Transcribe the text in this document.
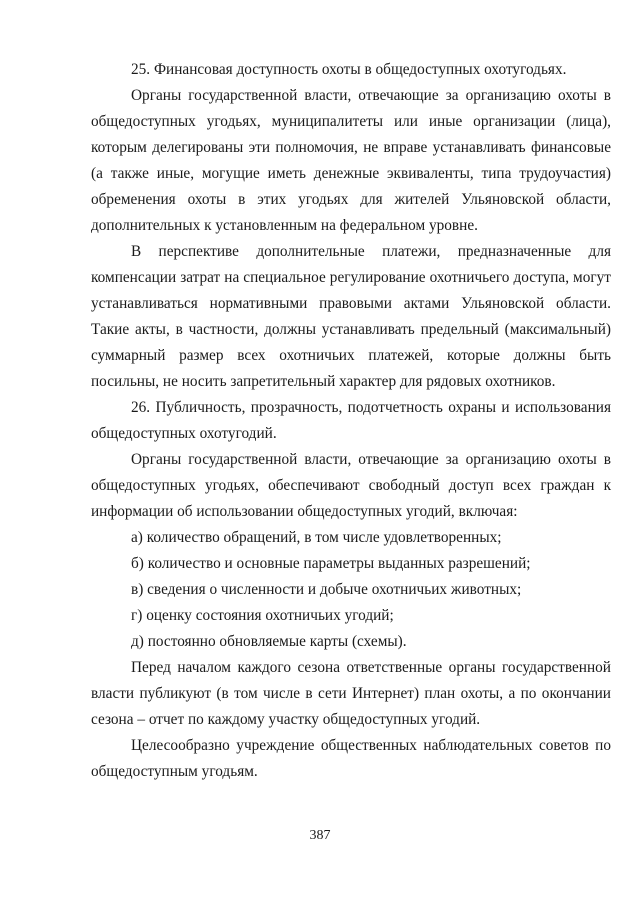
25. Финансовая доступность охоты в общедоступных охотугодьях.

Органы государственной власти, отвечающие за организацию охоты в общедоступных угодьях, муниципалитеты или иные организации (лица), которым делегированы эти полномочия, не вправе устанавливать финансовые (а также иные, могущие иметь денежные эквиваленты, типа трудоучастия) обременения охоты в этих угодьях для жителей Ульяновской области, дополнительных к установленным на федеральном уровне.

В перспективе дополнительные платежи, предназначенные для компенсации затрат на специальное регулирование охотничьего доступа, могут устанавливаться нормативными правовыми актами Ульяновской области. Такие акты, в частности, должны устанавливать предельный (максимальный) суммарный размер всех охотничьих платежей, которые должны быть посильны, не носить запретительный характер для рядовых охотников.

26. Публичность, прозрачность, подотчетность охраны и использования общедоступных охотугодий.

Органы государственной власти, отвечающие за организацию охоты в общедоступных угодьях, обеспечивают свободный доступ всех граждан к информации об использовании общедоступных угодий, включая:

а) количество обращений, в том числе удовлетворенных;

б) количество и основные параметры выданных разрешений;

в) сведения о численности и добыче охотничьих животных;

г) оценку состояния охотничьих угодий;

д) постоянно обновляемые карты (схемы).

Перед началом каждого сезона ответственные органы государственной власти публикуют (в том числе в сети Интернет) план охоты, а по окончании сезона – отчет по каждому участку общедоступных угодий.

Целесообразно учреждение общественных наблюдательных советов по общедоступным угодьям.

387
